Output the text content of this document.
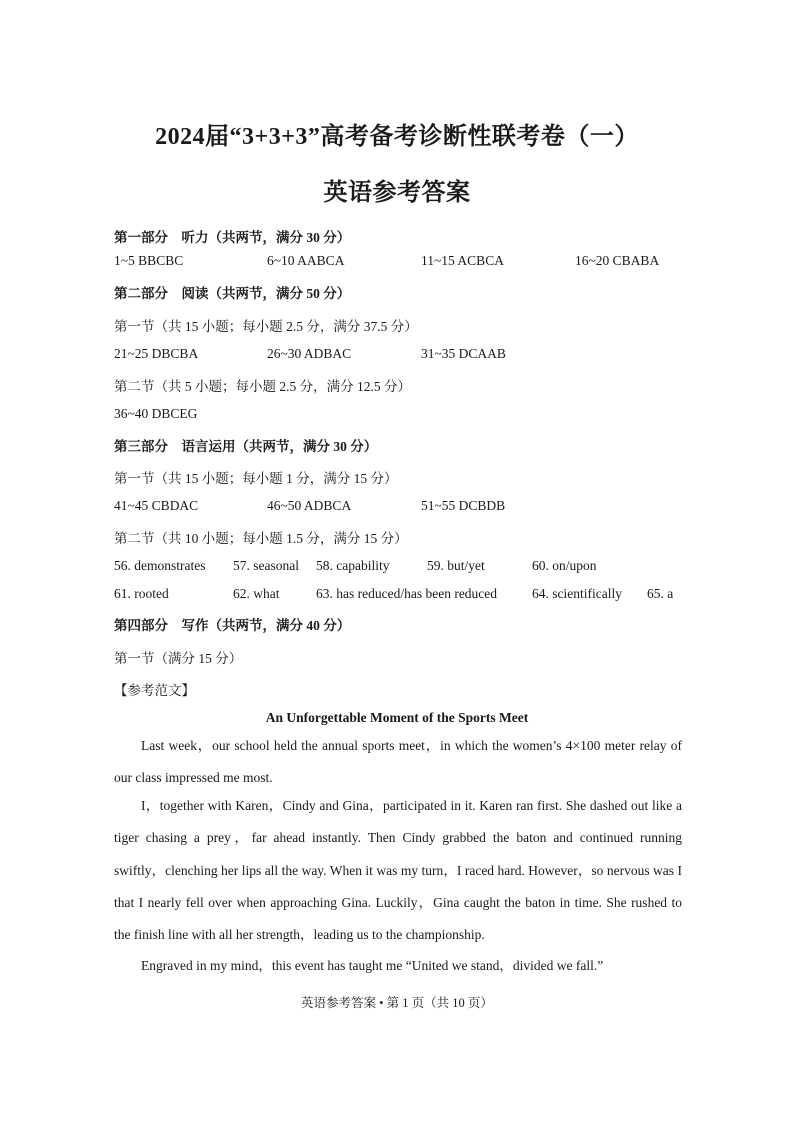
2024届“3+3+3”高考备考诊断性联考卷（一）
英语参考答案
第一部分　听力（共两节，满分 30 分）
1~5 BBCBC	6~10 AABCA	11~15 ACBCA	16~20 CBABA
第二部分　阅读（共两节，满分 50 分）
第一节（共 15 小题；每小题 2.5 分，满分 37.5 分）
21~25 DBCBA	26~30 ADBAC	31~35 DCAAB
第二节（共 5 小题；每小题 2.5 分，满分 12.5 分）
36~40 DBCEG
第三部分　语言运用（共两节，满分 30 分）
第一节（共 15 小题；每小题 1 分，满分 15 分）
41~45 CBDAC	46~50 ADBCA	51~55 DCBDB
第二节（共 10 小题；每小题 1.5 分，满分 15 分）
56. demonstrates 57. seasonal 58. capability	59. but/yet	60. on/upon
61. rooted	62. what	63. has reduced/has been reduced	64. scientifically 65. a
第四部分　写作（共两节，满分 40 分）
第一节（满分 15 分）
【参考范文】
An Unforgettable Moment of the Sports Meet
Last week，our school held the annual sports meet，in which the women’s 4×100 meter relay of our class impressed me most.
I，together with Karen，Cindy and Gina，participated in it. Karen ran first. She dashed out like a tiger chasing a prey，far ahead instantly. Then Cindy grabbed the baton and continued running swiftly，clenching her lips all the way. When it was my turn，I raced hard. However，so nervous was I that I nearly fell over when approaching Gina. Luckily，Gina caught the baton in time. She rushed to the finish line with all her strength，leading us to the championship.
Engraved in my mind，this event has taught me “United we stand，divided we fall.”
英语参考答案 • 第 1 页（共 10 页）
